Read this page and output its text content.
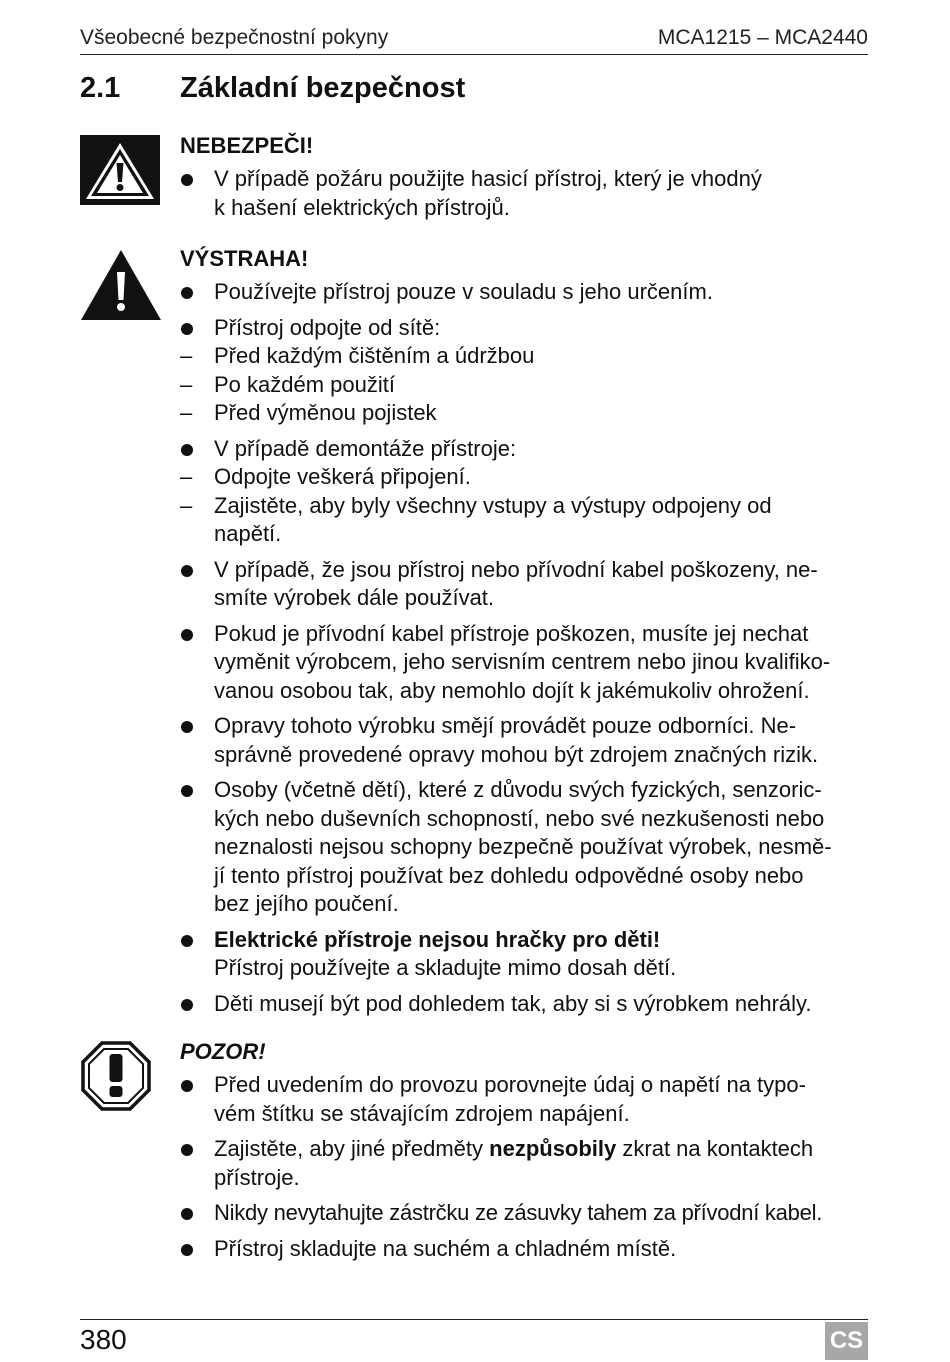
Všeobecné bezpečnostní pokyny	MCA1215 – MCA2440
2.1 Základní bezpečnost
NEBEZPEČI!
V případě požáru použijte hasicí přístroj, který je vhodný
k hašení elektrických přístrojů.
VÝSTRAHA!
Používejte přístroj pouze v souladu s jeho určením.
Přístroj odpojte od sítě:
– Před každým čištěním a údržbou
– Po každém použití
– Před výměnou pojistek
V případě demontáže přístroje:
– Odpojte veškerá připojení.
– Zajistěte, aby byly všechny vstupy a výstupy odpojeny od
napětí.
V případě, že jsou přístroj nebo přívodní kabel poškozeny, ne-
smíte výrobek dále používat.
Pokud je přívodní kabel přístroje poškozen, musíte jej nechat
vyměnit výrobcem, jeho servisním centrem nebo jinou kvalifiko-
vanou osobou tak, aby nemohlo dojít k jakémukoliv ohrožení.
Opravy tohoto výrobku smějí provádět pouze odborníci. Ne-
správně provedené opravy mohou být zdrojem značných rizik.
Osoby (včetně dětí), které z důvodu svých fyzických, senzoric-
kých nebo duševních schopností, nebo své nezkušenosti nebo
neznalosti nejsou schopny bezpečně používat výrobek, nesmě-
jí tento přístroj používat bez dohledu odpovědné osoby nebo
bez jejího poučení.
Elektrické přístroje nejsou hračky pro děti!
Přístroj používejte a skladujte mimo dosah dětí.
Děti musejí být pod dohledem tak, aby si s výrobkem nehrály.
POZOR!
Před uvedením do provozu porovnejte údaj o napětí na typo-
vém štítku se stávajícím zdrojem napájení.
Zajistěte, aby jiné předměty nezpůsobily zkrat na kontaktech
přístroje.
Nikdy nevytahujte zástrčku ze zásuvky tahem za přívodní kabel.
Přístroj skladujte na suchém a chladném místě.
380	CS
